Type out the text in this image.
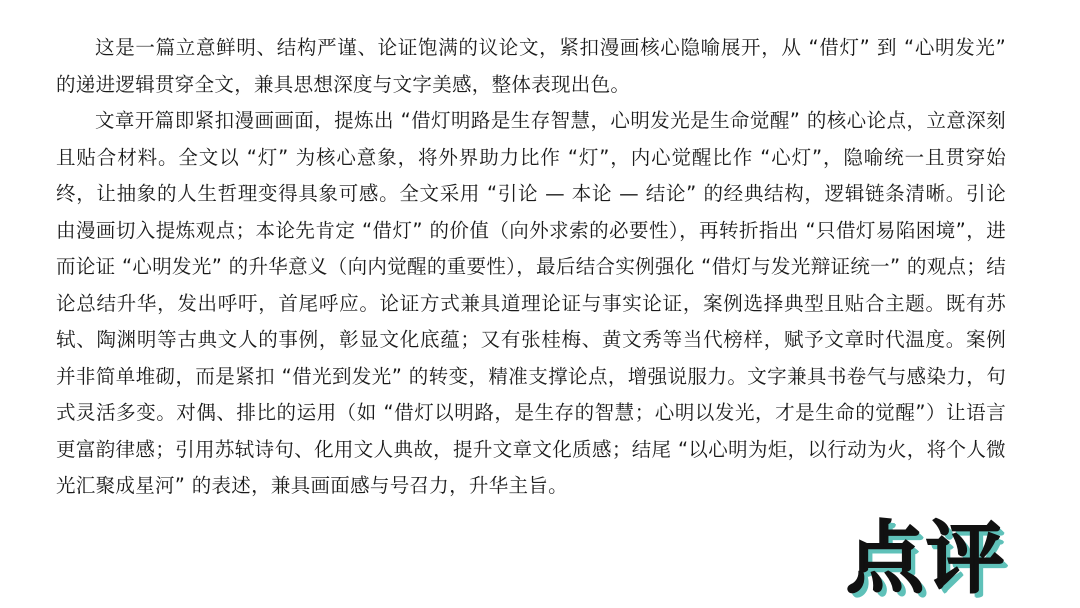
这是一篇立意鲜明、结构严谨、论证饱满的议论文，紧扣漫画核心隐喻展开，从 “借灯” 到 “心明发光” 的递进逻辑贯穿全文，兼具思想深度与文字美感，整体表现出色。

文章开篇即紧扣漫画画面，提炼出 “借灯明路是生存智慧，心明发光是生命觉醒” 的核心论点，立意深刻且贴合材料。全文以 “灯” 为核心意象，将外界助力比作 “灯”，内心觉醒比作 “心灯”，隐喻统一且贯穿始终，让抽象的人生哲理变得具象可感。全文采用 “引论 — 本论 — 结论” 的经典结构，逻辑链条清晰。引论由漫画切入提炼观点；本论先肯定 “借灯” 的价值（向外求索的必要性），再转折指出 “只借灯易陷困境”，进而论证 “心明发光” 的升华意义（向内觉醒的重要性），最后结合实例强化 “借灯与发光辩证统一” 的观点；结论总结升华，发出呼吁，首尾呼应。论证方式兼具道理论证与事实论证，案例选择典型且贴合主题。既有苏轼、陶渊明等古典文人的事例，彰显文化底蕴；又有张桂梅、黄文秀等当代榜样，赋予文章时代温度。案例并非简单堆砌，而是紧扣 “借光到发光” 的转变，精准支撑论点，增强说服力。文字兼具书卷气与感染力，句式灵活多变。对偶、排比的运用（如 “借灯以明路，是生存的智慧；心明以发光，才是生命的觉醒”）让语言更富韵律感；引用苏轼诗句、化用文人典故，提升文章文化质感；结尾 “以心明为炬，以行动为火，将个人微光汇聚成星河” 的表述，兼具画面感与号召力，升华主旨。

点评
